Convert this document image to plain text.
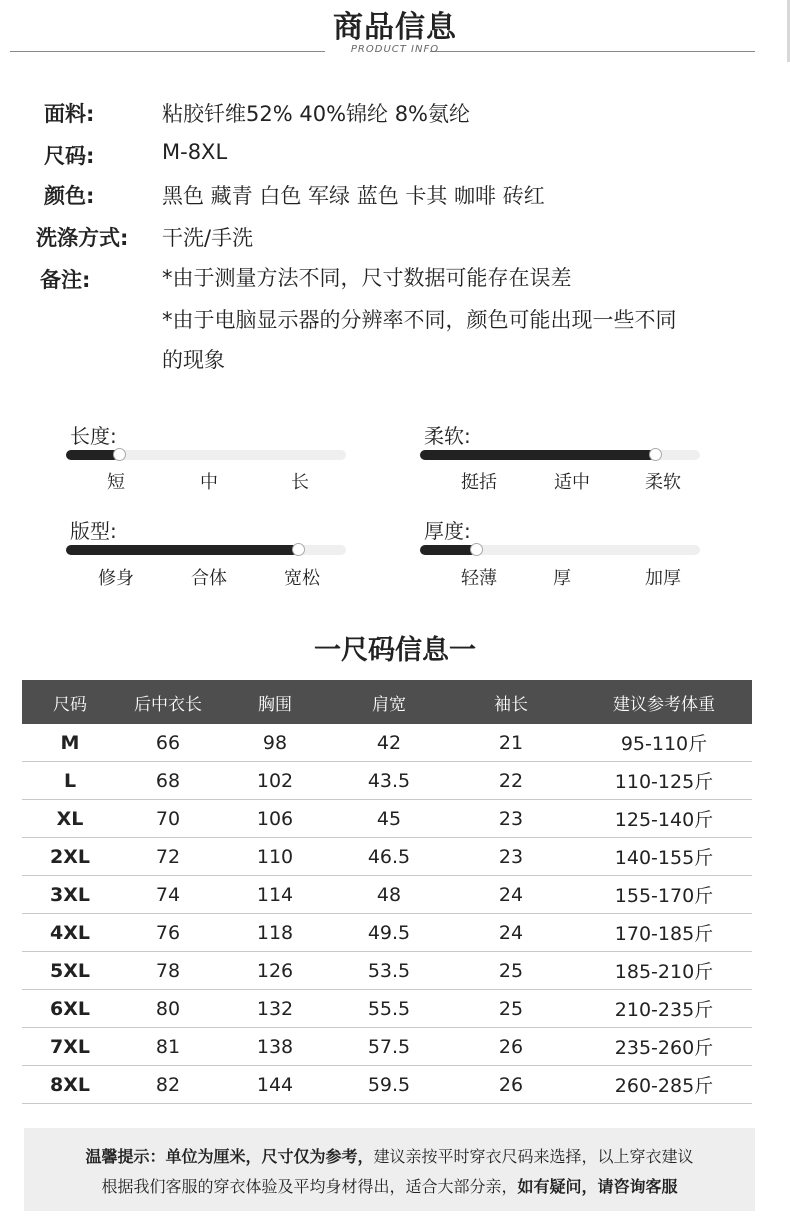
商品信息
PRODUCT INFO
面料:	粘胶钎维52% 40%锦纶 8%氨纶
尺码:	M-8XL
颜色:	黑色 藏青 白色 军绿 蓝色 卡其 咖啡 砖红
洗涤方式: 干洗/手洗
备注:	*由于测量方法不同，尺寸数据可能存在误差
*由于电脑显示器的分辨率不同，颜色可能出现一些不同
的现象
长度:
短	中	长
柔软:
挺括	适中	柔软
版型:
修身	合体	宽松
厚度:
轻薄	厚	加厚
一尺码信息一
尺码	后中衣长	胸围	肩宽	袖长	建议参考体重
M	66	98	42	21	95-110斤
L	68	102	43.5	22	110-125斤
XL	70	106	45	23	125-140斤
2XL	72	110	46.5	23	140-155斤
3XL	74	114	48	24	155-170斤
4XL	76	118	49.5	24	170-185斤
5XL	78	126	53.5	25	185-210斤
6XL	80	132	55.5	25	210-235斤
7XL	81	138	57.5	26	235-260斤
8XL	82	144	59.5	26	260-285斤
温馨提示：单位为厘米，尺寸仅为参考，建议亲按平时穿衣尺码来选择，以上穿衣建议
根据我们客服的穿衣体验及平均身材得出，适合大部分亲，如有疑问，请咨询客服
